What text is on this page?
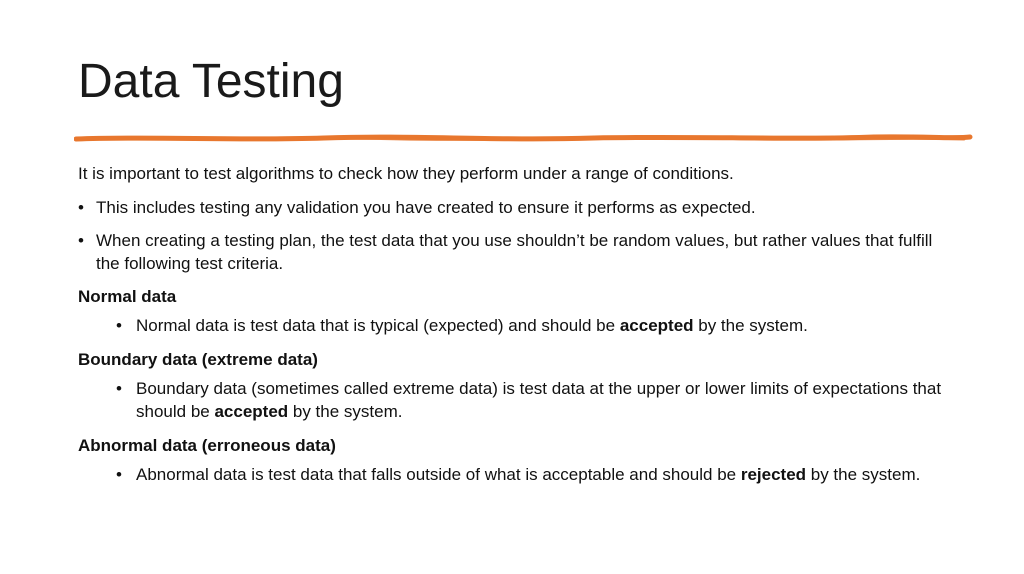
Data Testing

It is important to test algorithms to check how they perform under a range of conditions.

• This includes testing any validation you have created to ensure it performs as expected.
• When creating a testing plan, the test data that you use shouldn’t be random values, but rather values that fulfill the following test criteria.
Normal data
• Normal data is test data that is typical (expected) and should be accepted by the system.
Boundary data (extreme data)
• Boundary data (sometimes called extreme data) is test data at the upper or lower limits of expectations that should be accepted by the system.
Abnormal data (erroneous data)
• Abnormal data is test data that falls outside of what is acceptable and should be rejected by the system.
